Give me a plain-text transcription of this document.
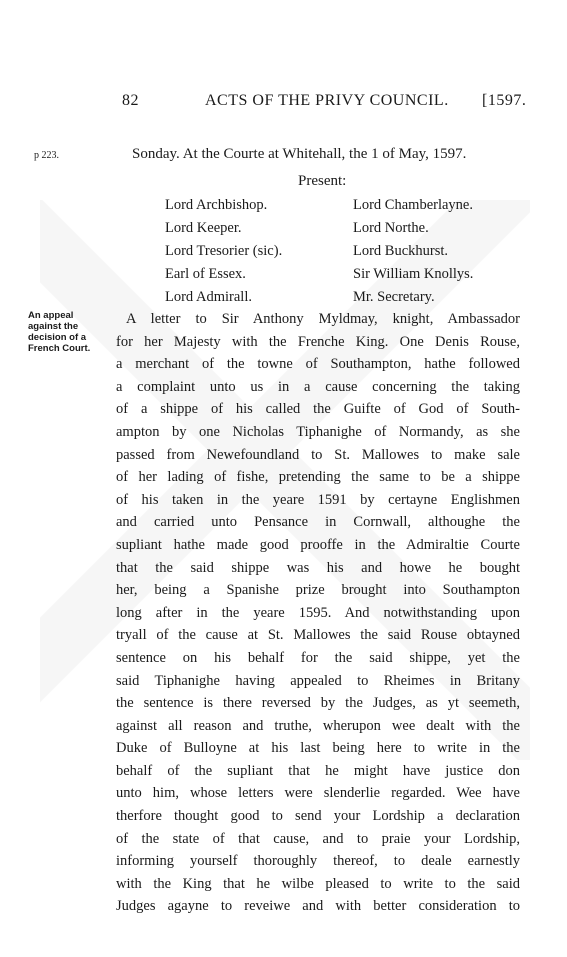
82	ACTS OF THE PRIVY COUNCIL. [1597.
p 223.	Sonday. At the Courte at Whitehall, the 1 of May, 1597.
Present:
Lord Archbishop.	Lord Chamberlayne.
Lord Keeper.	Lord Northe.
Lord Tresorier (sic).	Lord Buckhurst.
Earl of Essex.	Sir William Knollys.
Lord Admirall.	Mr. Secretary.
An appeal
against the
decision of a
French Court.
A letter to Sir Anthony Myldmay, knight, Ambassador
for her Majesty with the Frenche King. One Denis Rouse,
a merchant of the towne of Southampton, hathe followed
a complaint unto us in a cause concerning the taking
of a shippe of his called the Guifte of God of South-
ampton by one Nicholas Tiphanighe of Normandy, as she
passed from Newefoundland to St. Mallowes to make sale
of her lading of fishe, pretending the same to be a shippe
of his taken in the yeare 1591 by certayne Englishmen
and carried unto Pensance in Cornwall, althoughe the
supliant hathe made good prooffe in the Admiraltie Courte
that the said shippe was his and howe he bought
her, being a Spanishe prize brought into Southampton
long after in the yeare 1595. And notwithstanding upon
tryall of the cause at St. Mallowes the said Rouse obtayned
sentence on his behalf for the said shippe, yet the
said Tiphanighe having appealed to Rheimes in Britany
the sentence is there reversed by the Judges, as yt seemeth,
against all reason and truthe, wherupon wee dealt with the
Duke of Bulloyne at his last being here to write in the
behalf of the supliant that he might have justice don
unto him, whose letters were slenderlie regarded. Wee have
therfore thought good to send your Lordship a declaration
of the state of that cause, and to praie your Lordship,
informing yourself thoroughly thereof, to deale earnestly
with the King that he wilbe pleased to write to the said
Judges agayne to reveiwe and with better consideration to
